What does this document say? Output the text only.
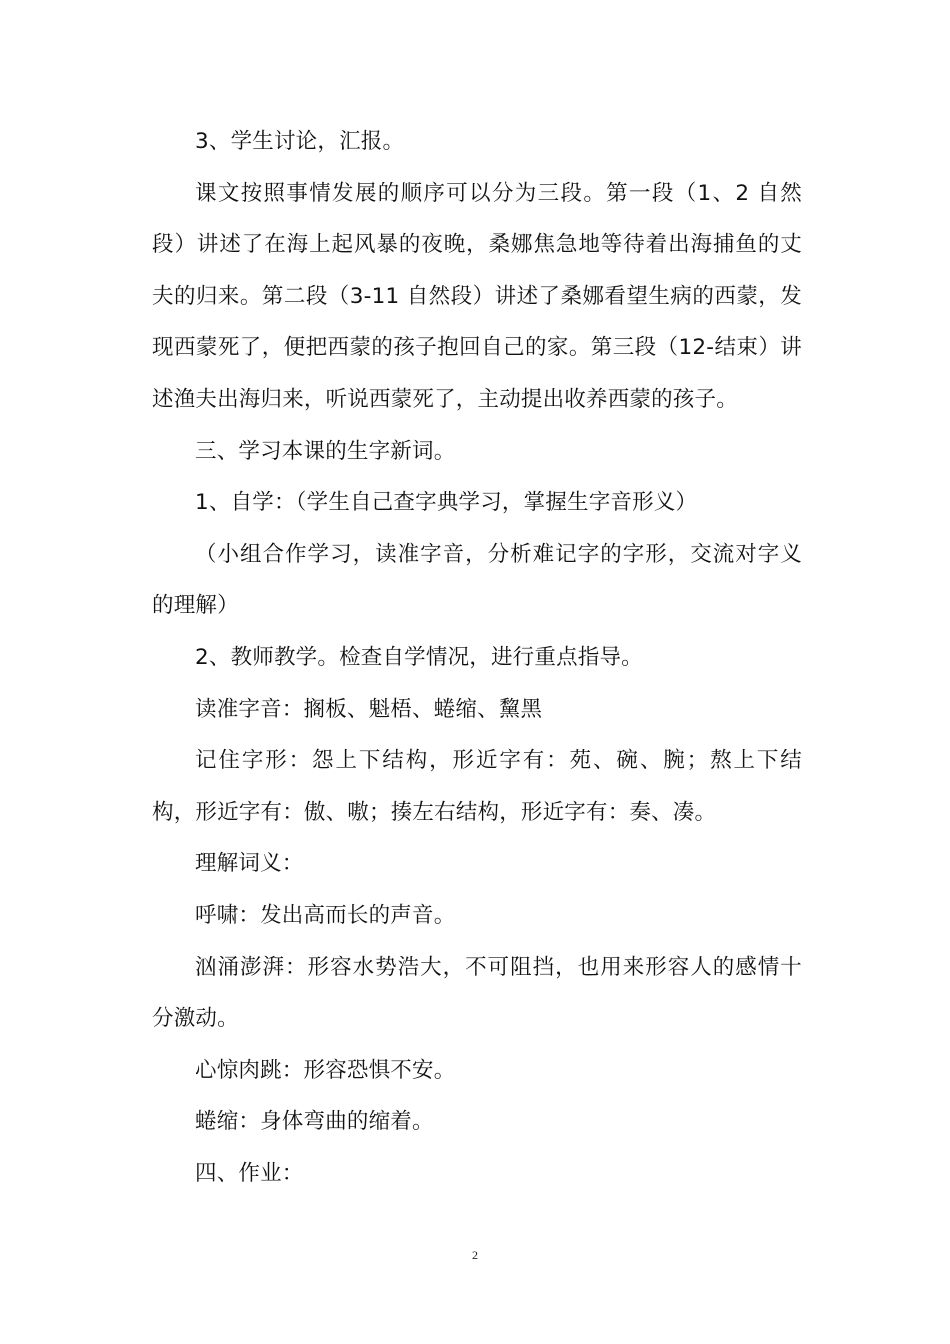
3、学生讨论，汇报。

课文按照事情发展的顺序可以分为三段。第一段（1、2 自然段）讲述了在海上起风暴的夜晚，桑娜焦急地等待着出海捕鱼的丈夫的归来。第二段（3-11 自然段）讲述了桑娜看望生病的西蒙，发现西蒙死了，便把西蒙的孩子抱回自己的家。第三段（12-结束）讲述渔夫出海归来，听说西蒙死了，主动提出收养西蒙的孩子。

三、学习本课的生字新词。

1、自学：（学生自己查字典学习，掌握生字音形义）

（小组合作学习，读准字音，分析难记字的字形，交流对字义的理解）

2、教师教学。检查自学情况，进行重点指导。

读准字音：搁板、魁梧、蜷缩、黧黑

记住字形：怨上下结构，形近字有：苑、碗、腕；熬上下结构，形近字有：傲、嗷；揍左右结构，形近字有：奏、凑。

理解词义：

呼啸：发出高而长的声音。

汹涌澎湃：形容水势浩大，不可阻挡，也用来形容人的感情十分激动。

心惊肉跳：形容恐惧不安。

蜷缩：身体弯曲的缩着。

四、作业：

2
